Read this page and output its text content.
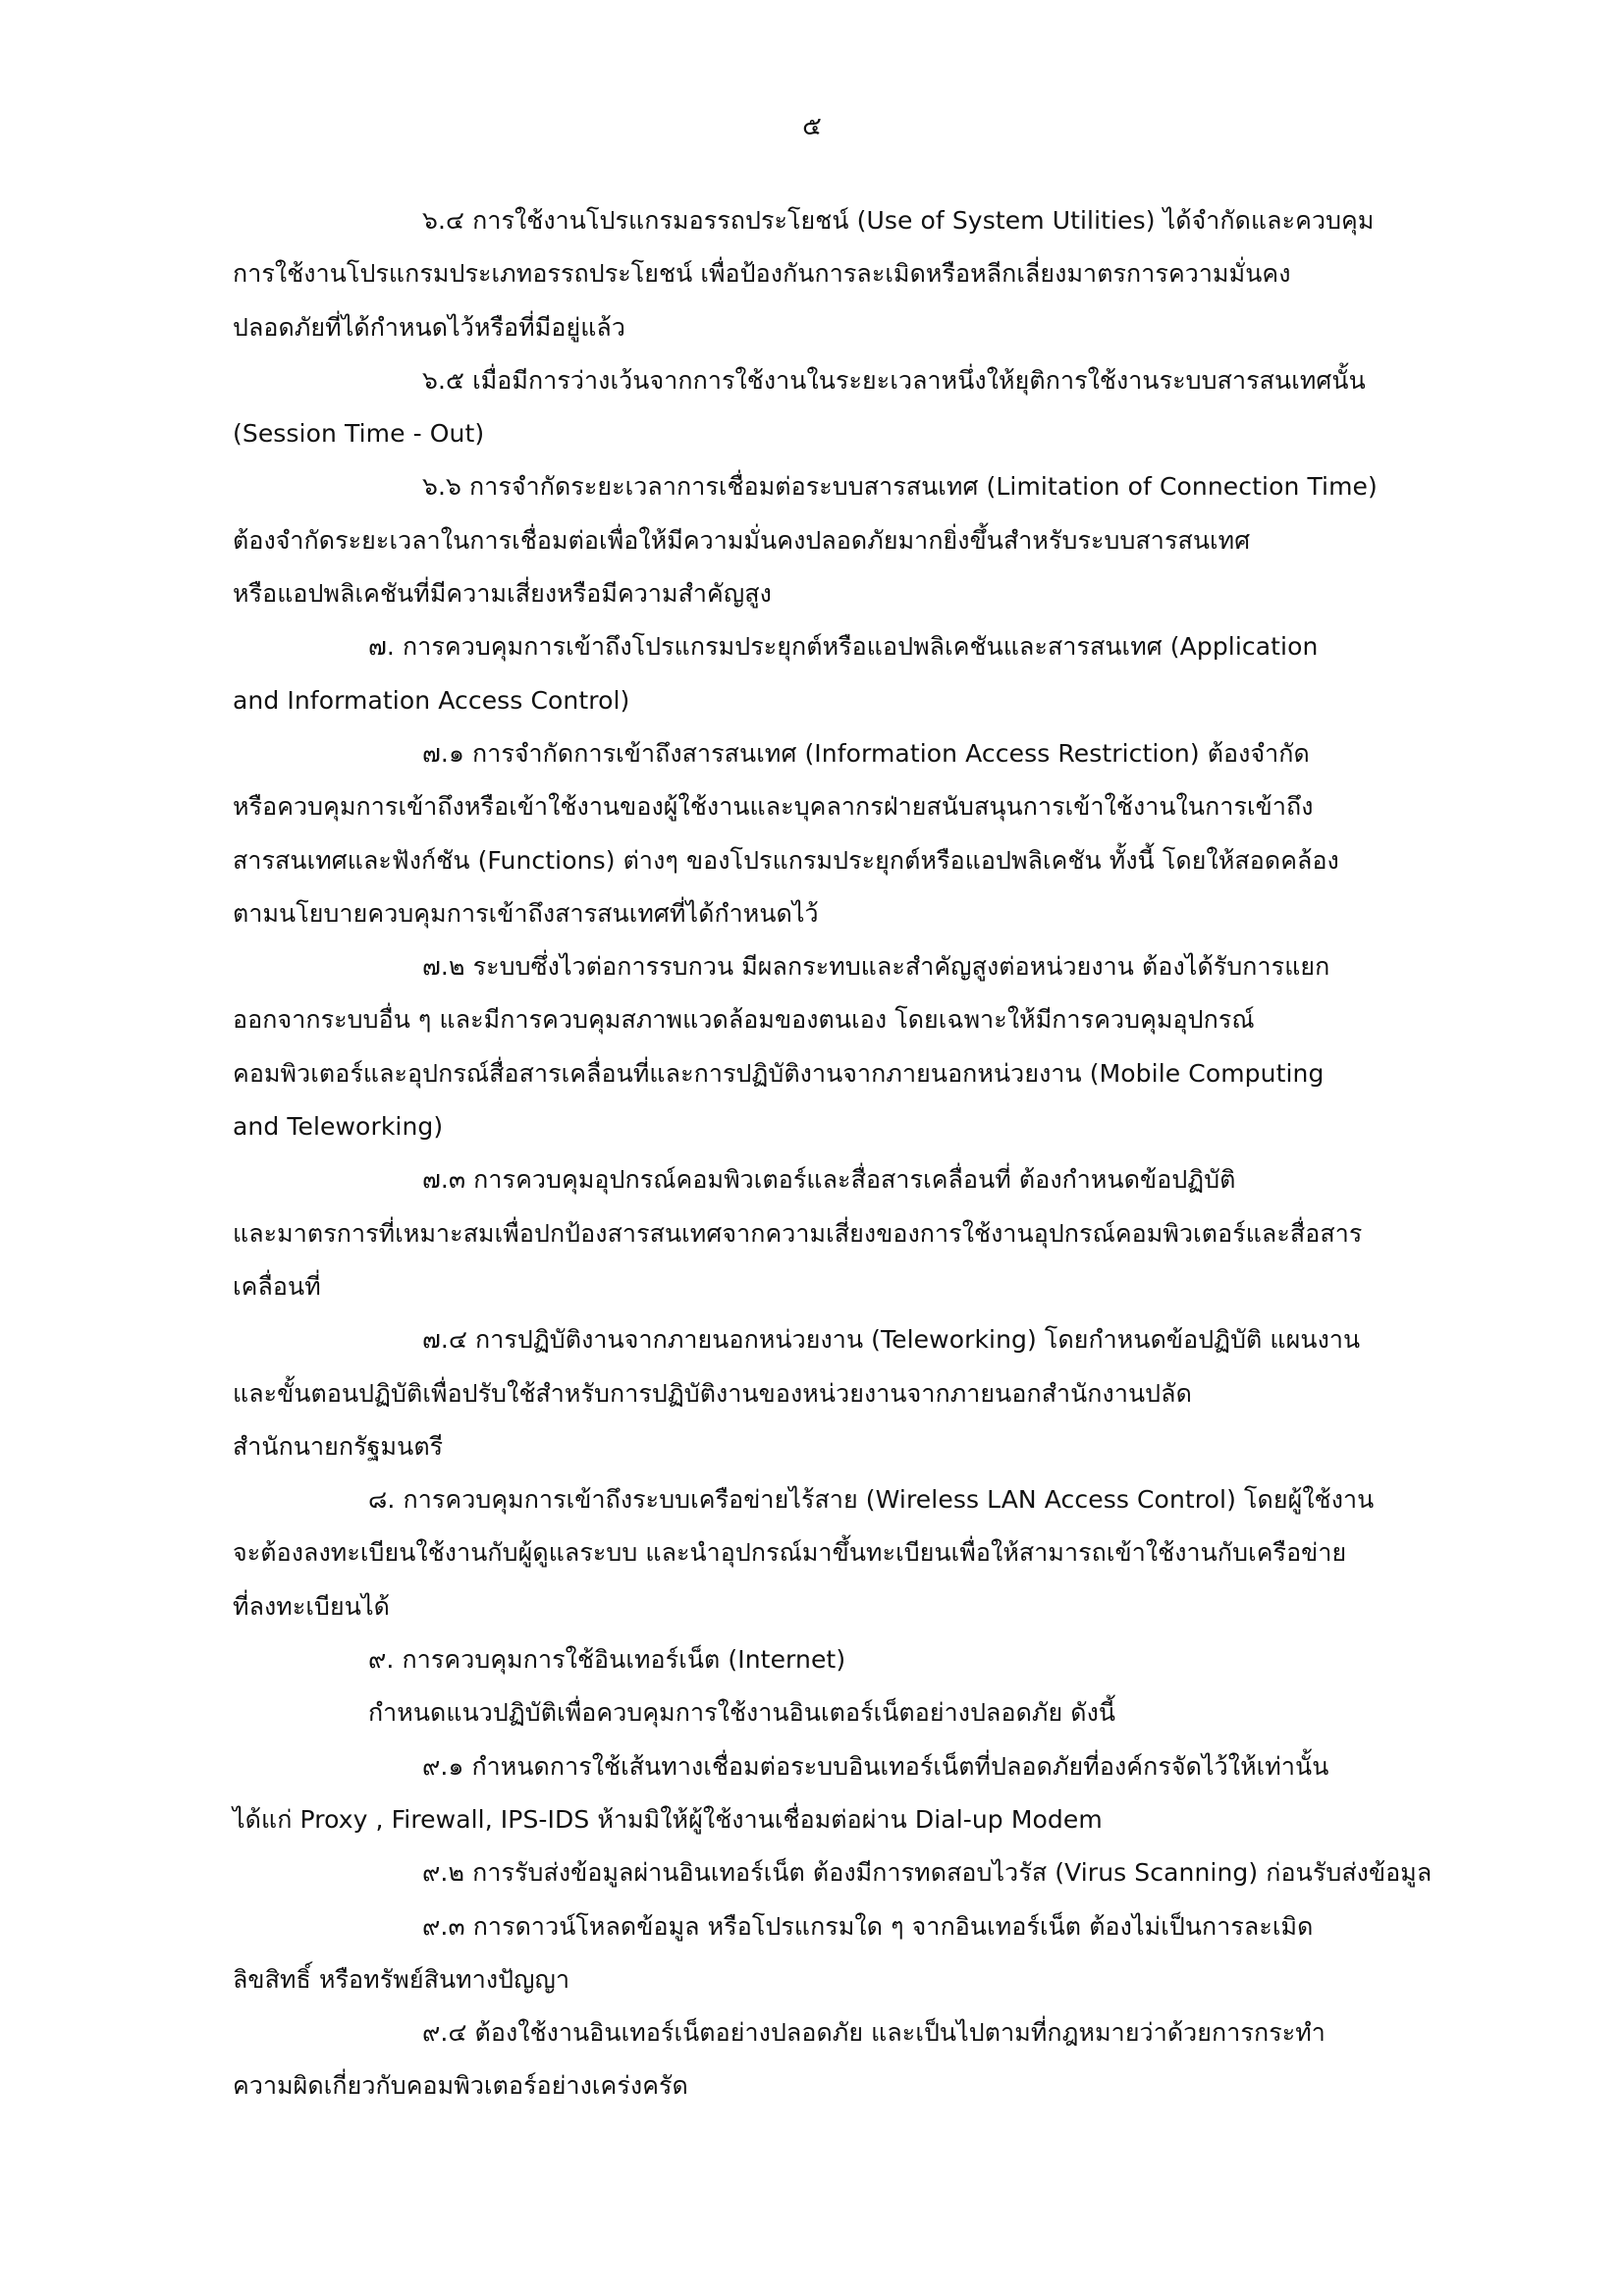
๕
๖.๔ การใช้งานโปรแกรมอรรถประโยชน์ (Use of System Utilities) ได้จำกัดและควบคุม
การใช้งานโปรแกรมประเภทอรรถประโยชน์ เพื่อป้องกันการละเมิดหรือหลีกเลี่ยงมาตรการความมั่นคง
ปลอดภัยที่ได้กำหนดไว้หรือที่มีอยู่แล้ว
๖.๕ เมื่อมีการว่างเว้นจากการใช้งานในระยะเวลาหนึ่งให้ยุติการใช้งานระบบสารสนเทศนั้น
(Session Time - Out)
๖.๖ การจำกัดระยะเวลาการเชื่อมต่อระบบสารสนเทศ (Limitation of Connection Time)
ต้องจำกัดระยะเวลาในการเชื่อมต่อเพื่อให้มีความมั่นคงปลอดภัยมากยิ่งขึ้นสำหรับระบบสารสนเทศ
หรือแอปพลิเคชันที่มีความเสี่ยงหรือมีความสำคัญสูง
๗. การควบคุมการเข้าถึงโปรแกรมประยุกต์หรือแอปพลิเคชันและสารสนเทศ (Application
and Information Access Control)
๗.๑ การจำกัดการเข้าถึงสารสนเทศ (Information Access Restriction) ต้องจำกัด
หรือควบคุมการเข้าถึงหรือเข้าใช้งานของผู้ใช้งานและบุคลากรฝ่ายสนับสนุนการเข้าใช้งานในการเข้าถึง
สารสนเทศและฟังก์ชัน (Functions) ต่างๆ ของโปรแกรมประยุกต์หรือแอปพลิเคชัน ทั้งนี้ โดยให้สอดคล้อง
ตามนโยบายควบคุมการเข้าถึงสารสนเทศที่ได้กำหนดไว้
๗.๒ ระบบซึ่งไวต่อการรบกวน มีผลกระทบและสำคัญสูงต่อหน่วยงาน ต้องได้รับการแยก
ออกจากระบบอื่น ๆ และมีการควบคุมสภาพแวดล้อมของตนเอง โดยเฉพาะให้มีการควบคุมอุปกรณ์
คอมพิวเตอร์และอุปกรณ์สื่อสารเคลื่อนที่และการปฏิบัติงานจากภายนอกหน่วยงาน (Mobile Computing
and Teleworking)
๗.๓ การควบคุมอุปกรณ์คอมพิวเตอร์และสื่อสารเคลื่อนที่ ต้องกำหนดข้อปฏิบัติ
และมาตรการที่เหมาะสมเพื่อปกป้องสารสนเทศจากความเสี่ยงของการใช้งานอุปกรณ์คอมพิวเตอร์และสื่อสาร
เคลื่อนที่
๗.๔ การปฏิบัติงานจากภายนอกหน่วยงาน (Teleworking) โดยกำหนดข้อปฏิบัติ แผนงาน
และขั้นตอนปฏิบัติเพื่อปรับใช้สำหรับการปฏิบัติงานของหน่วยงานจากภายนอกสำนักงานปลัด
สำนักนายกรัฐมนตรี
๘. การควบคุมการเข้าถึงระบบเครือข่ายไร้สาย (Wireless LAN Access Control) โดยผู้ใช้งาน
จะต้องลงทะเบียนใช้งานกับผู้ดูแลระบบ และนำอุปกรณ์มาขึ้นทะเบียนเพื่อให้สามารถเข้าใช้งานกับเครือข่าย
ที่ลงทะเบียนได้
๙. การควบคุมการใช้อินเทอร์เน็ต (Internet)
กำหนดแนวปฏิบัติเพื่อควบคุมการใช้งานอินเตอร์เน็ตอย่างปลอดภัย ดังนี้
๙.๑ กำหนดการใช้เส้นทางเชื่อมต่อระบบอินเทอร์เน็ตที่ปลอดภัยที่องค์กรจัดไว้ให้เท่านั้น
ได้แก่ Proxy , Firewall, IPS-IDS ห้ามมิให้ผู้ใช้งานเชื่อมต่อผ่าน Dial-up Modem
๙.๒ การรับส่งข้อมูลผ่านอินเทอร์เน็ต ต้องมีการทดสอบไวรัส (Virus Scanning) ก่อนรับส่งข้อมูล
๙.๓ การดาวน์โหลดข้อมูล หรือโปรแกรมใด ๆ จากอินเทอร์เน็ต ต้องไม่เป็นการละเมิด
ลิขสิทธิ์ หรือทรัพย์สินทางปัญญา
๙.๔ ต้องใช้งานอินเทอร์เน็ตอย่างปลอดภัย และเป็นไปตามที่กฎหมายว่าด้วยการกระทำ
ความผิดเกี่ยวกับคอมพิวเตอร์อย่างเคร่งครัด
